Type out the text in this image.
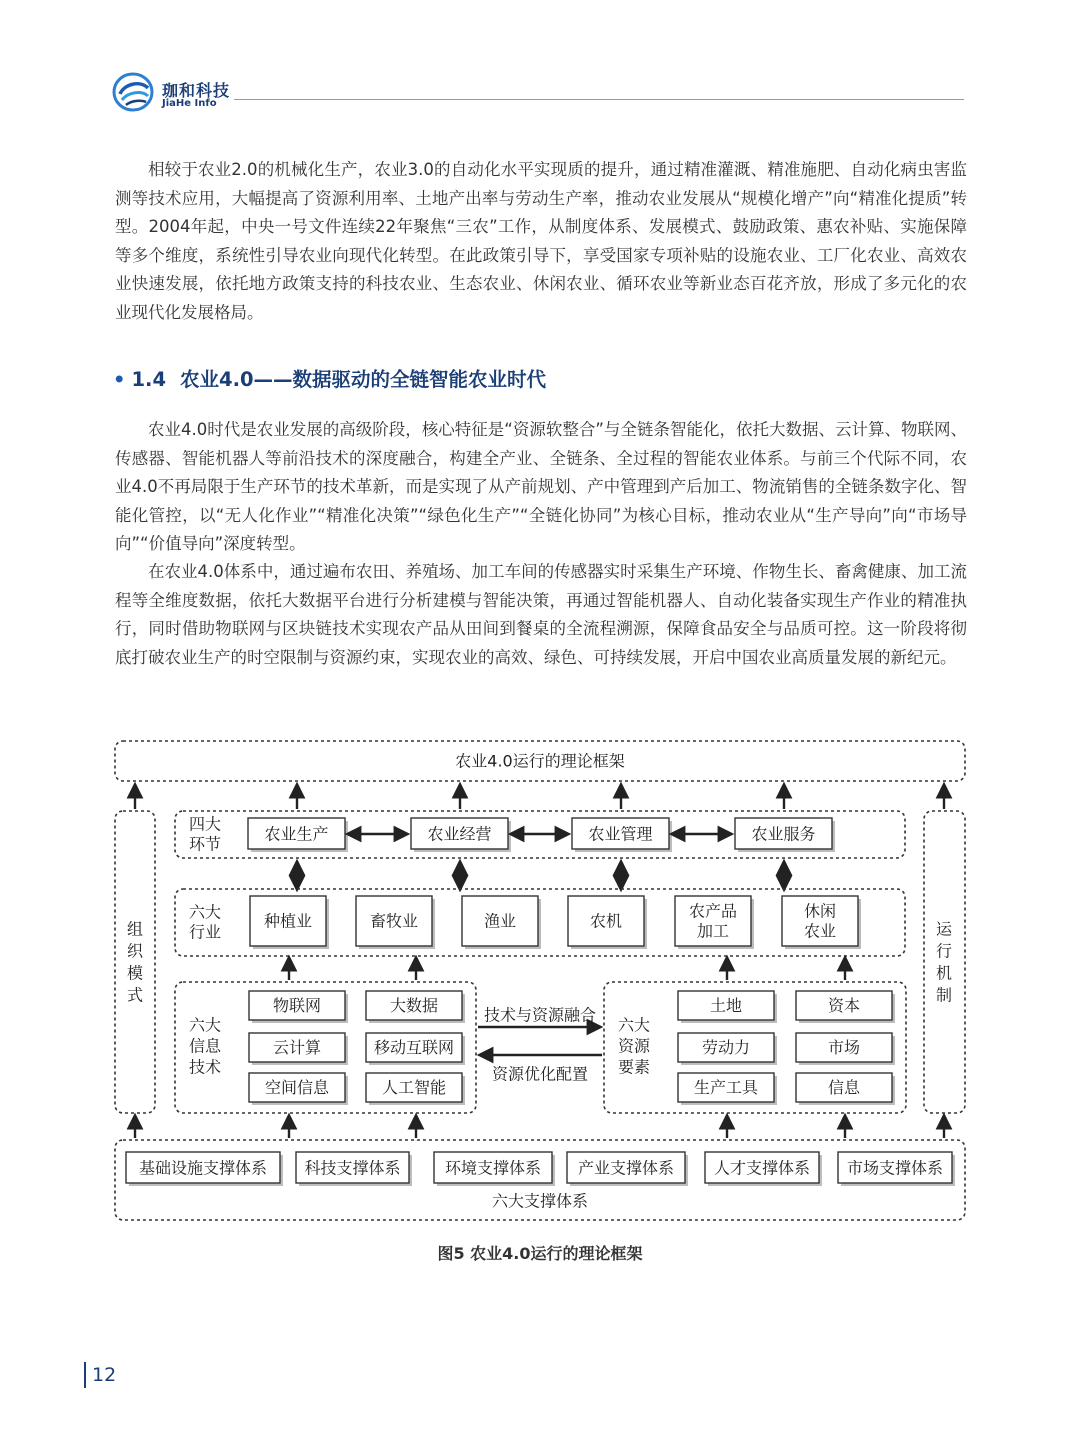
珈和科技
JiaHe Info
相较于农业2.0的机械化生产，农业3.0的自动化水平实现质的提升，通过精准灌溉、精准施肥、自动化病虫害监测等技术应用，大幅提高了资源利用率、土地产出率与劳动生产率，推动农业发展从“规模化增产”向“精准化提质”转型。2004年起，中央一号文件连续22年聚焦“三农”工作，从制度体系、发展模式、鼓励政策、惠农补贴、实施保障等多个维度，系统性引导农业向现代化转型。在此政策引导下，享受国家专项补贴的设施农业、工厂化农业、高效农业快速发展，依托地方政策支持的科技农业、生态农业、休闲农业、循环农业等新业态百花齐放，形成了多元化的农业现代化发展格局。
• 1.4 农业4.0——数据驱动的全链智能农业时代
农业4.0时代是农业发展的高级阶段，核心特征是“资源软整合”与全链条智能化，依托大数据、云计算、物联网、传感器、智能机器人等前沿技术的深度融合，构建全产业、全链条、全过程的智能农业体系。与前三个代际不同，农业4.0不再局限于生产环节的技术革新，而是实现了从产前规划、产中管理到产后加工、物流销售的全链条数字化、智能化管控，以“无人化作业”“精准化决策”“绿色化生产”“全链化协同”为核心目标，推动农业从“生产导向”向“市场导向”“价值导向”深度转型。
在农业4.0体系中，通过遍布农田、养殖场、加工车间的传感器实时采集生产环境、作物生长、畜禽健康、加工流程等全维度数据，依托大数据平台进行分析建模与智能决策，再通过智能机器人、自动化装备实现生产作业的精准执行，同时借助物联网与区块链技术实现农产品从田间到餐桌的全流程溯源，保障食品安全与品质可控。这一阶段将彻底打破农业生产的时空限制与资源约束，实现农业的高效、绿色、可持续发展，开启中国农业高质量发展的新纪元。
农业4.0运行的理论框架
组
织
模
式
运
行
机
制
四大
环节
农业生产	农业经营	农业管理	农业服务
六大
行业
种植业	畜牧业	渔业	农机
农产品
加工
休闲
农业
六大
信息
技术
物联网	大数据
云计算	移动互联网
空间信息	人工智能
六大
资源
要素
土地	资本
劳动力	市场
生产工具	信息
技术与资源融合
资源优化配置
基础设施支撑体系 科技支撑体系	环境支撑体系 产业支撑体系 人才支撑体系 市场支撑体系
六大支撑体系
图5 农业4.0运行的理论框架
12
